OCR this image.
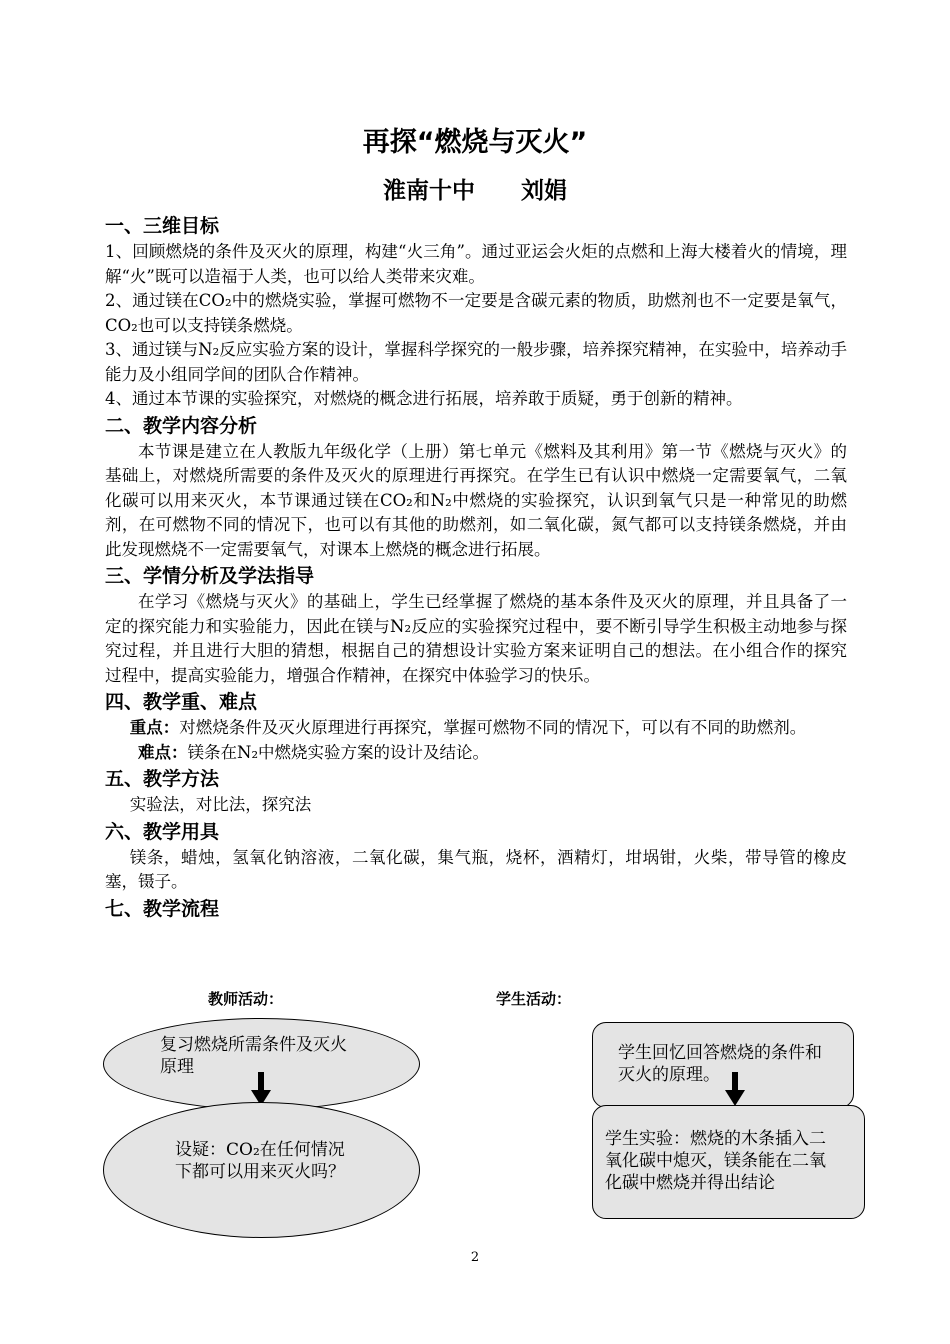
再探“燃烧与灭火”
淮南十中　　刘娟
一、三维目标

1、回顾燃烧的条件及灭火的原理，构建“火三角”。通过亚运会火炬的点燃和上海大楼着火的情境，理解“火”既可以造福于人类，也可以给人类带来灾难。

2、通过镁在CO₂中的燃烧实验，掌握可燃物不一定要是含碳元素的物质，助燃剂也不一定要是氧气，CO₂也可以支持镁条燃烧。

3、通过镁与N₂反应实验方案的设计，掌握科学探究的一般步骤，培养探究精神，在实验中，培养动手能力及小组同学间的团队合作精神。

4、通过本节课的实验探究，对燃烧的概念进行拓展，培养敢于质疑，勇于创新的精神。

二、教学内容分析

本节课是建立在人教版九年级化学（上册）第七单元《燃料及其利用》第一节《燃烧与灭火》的基础上，对燃烧所需要的条件及灭火的原理进行再探究。在学生已有认识中燃烧一定需要氧气，二氧化碳可以用来灭火，本节课通过镁在CO₂和N₂中燃烧的实验探究，认识到氧气只是一种常见的助燃剂，在可燃物不同的情况下，也可以有其他的助燃剂，如二氧化碳，氮气都可以支持镁条燃烧，并由此发现燃烧不一定需要氧气，对课本上燃烧的概念进行拓展。

三、学情分析及学法指导

在学习《燃烧与灭火》的基础上，学生已经掌握了燃烧的基本条件及灭火的原理，并且具备了一定的探究能力和实验能力，因此在镁与N₂反应的实验探究过程中，要不断引导学生积极主动地参与探究过程，并且进行大胆的猜想，根据自己的猜想设计实验方案来证明自己的想法。在小组合作的探究过程中，提高实验能力，增强合作精神，在探究中体验学习的快乐。

四、教学重、难点

重点：对燃烧条件及灭火原理进行再探究，掌握可燃物不同的情况下，可以有不同的助燃剂。

难点：镁条在N₂中燃烧实验方案的设计及结论。

五、教学方法

实验法，对比法，探究法

六、教学用具

镁条，蜡烛，氢氧化钠溶液，二氧化碳，集气瓶，烧杯，酒精灯，坩埚钳，火柴，带导管的橡皮塞，镊子。

七、教学流程
教师活动：	学生活动：
复习燃烧所需条件及灭火原理
设疑：CO₂在任何情况下都可以用来灭火吗？
学生回忆回答燃烧的条件和灭火的原理。
学生实验：燃烧的木条插入二氧化碳中熄灭，镁条能在二氧化碳中燃烧并得出结论
2
